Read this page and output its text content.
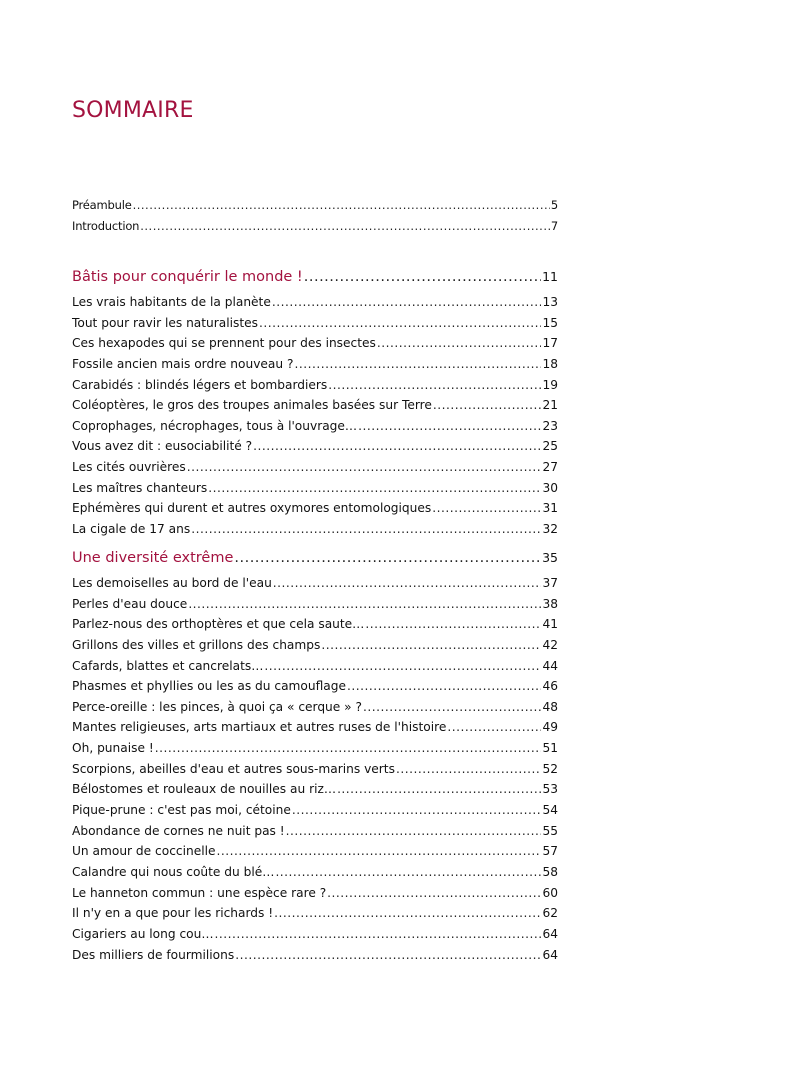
SOMMAIRE
Préambule .....	5
Introduction .....	7
Bâtis pour conquérir le monde ! .....	11
Les vrais habitants de la planète .....	13
Tout pour ravir les naturalistes .....	15
Ces hexapodes qui se prennent pour des insectes .....	17
Fossile ancien mais ordre nouveau ? .....	18
Carabidés : blindés légers et bombardiers .....	19
Coléoptères, le gros des troupes animales basées sur Terre .....	21
Coprophages, nécrophages, tous à l'ouvrage… .....	23
Vous avez dit : eusociabilité ? .....	25
Les cités ouvrières .....	27
Les maîtres chanteurs .....	30
Ephémères qui durent et autres oxymores entomologiques .....	31
La cigale de 17 ans .....	32
Une diversité extrême .....	35
Les demoiselles au bord de l'eau .....	37
Perles d'eau douce .....	38
Parlez-nous des orthoptères et que cela saute… .....	41
Grillons des villes et grillons des champs .....	42
Cafards, blattes et cancrelats… .....	44
Phasmes et phyllies ou les as du camouflage .....	46
Perce-oreille : les pinces, à quoi ça « cerque » ? .....	48
Mantes religieuses, arts martiaux et autres ruses de l'histoire .....	49
Oh, punaise ! .....	51
Scorpions, abeilles d'eau et autres sous-marins verts .....	52
Bélostomes et rouleaux de nouilles au riz… .....	53
Pique-prune : c'est pas moi, cétoine .....	54
Abondance de cornes ne nuit pas ! .....	55
Un amour de coccinelle .....	57
Calandre qui nous coûte du blé… .....	58
Le hanneton commun : une espèce rare ? .....	60
Il n'y en a que pour les richards ! .....	62
Cigariers au long cou… .....	64
Des milliers de fourmilions .....	64
